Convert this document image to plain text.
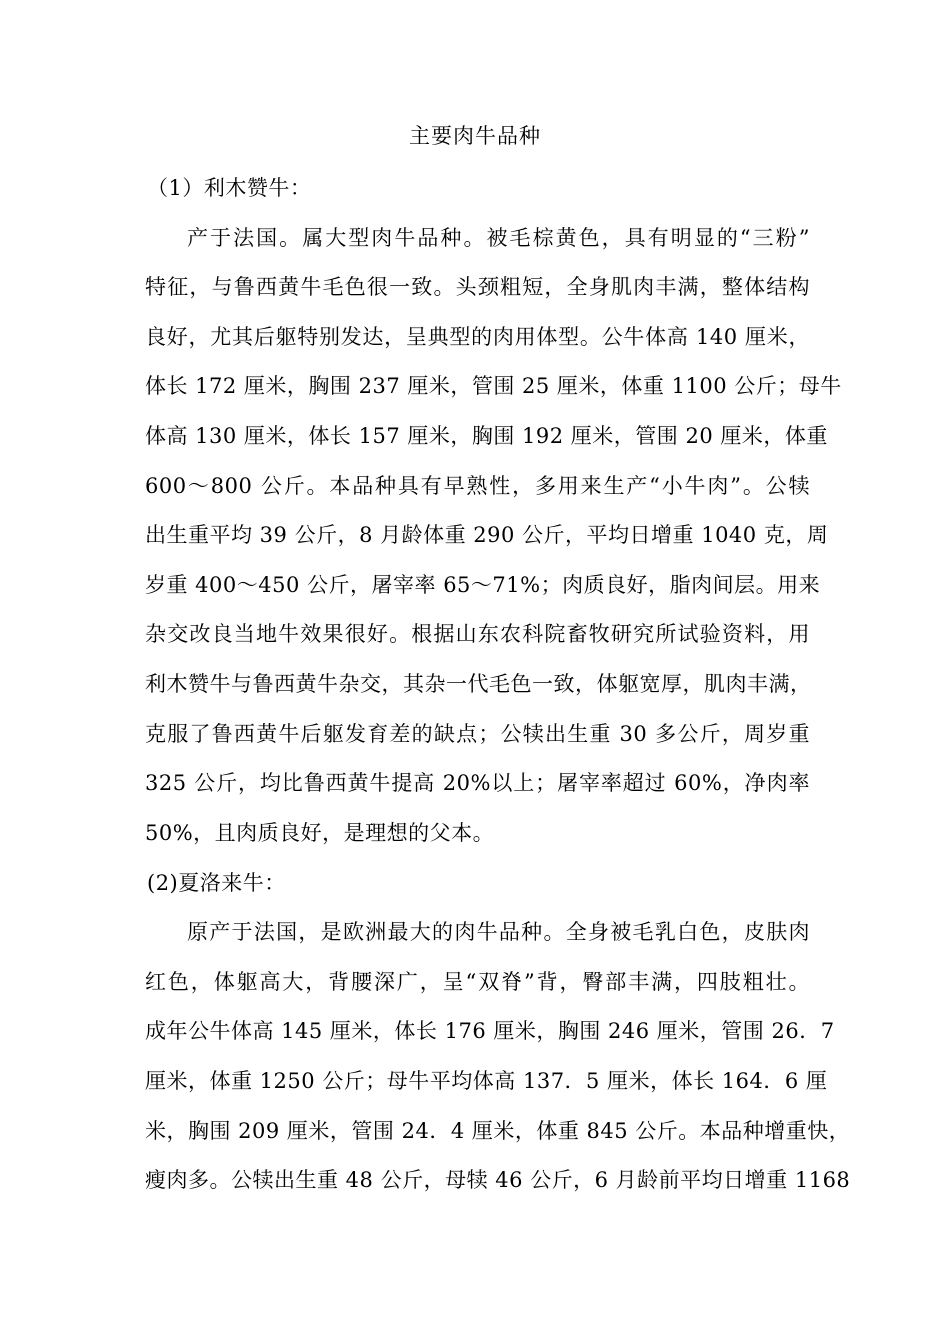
主要肉牛品种
（1）利木赞牛：
产于法国。属大型肉牛品种。被毛棕黄色，具有明显的“三粉”
特征，与鲁西黄牛毛色很一致。头颈粗短，全身肌肉丰满，整体结构
良好，尤其后躯特别发达，呈典型的肉用体型。公牛体高 140 厘米，
体长 172 厘米，胸围 237 厘米，管围 25 厘米，体重 1100 公斤；母牛
体高 130 厘米，体长 157 厘米，胸围 192 厘米，管围 20 厘米，体重
600～800 公斤。本品种具有早熟性，多用来生产“小牛肉”。公犊
出生重平均 39 公斤，8 月龄体重 290 公斤，平均日增重 1040 克，周
岁重 400～450 公斤，屠宰率 65～71%；肉质良好，脂肉间层。用来
杂交改良当地牛效果很好。根据山东农科院畜牧研究所试验资料，用
利木赞牛与鲁西黄牛杂交，其杂一代毛色一致，体躯宽厚，肌肉丰满，
克服了鲁西黄牛后躯发育差的缺点；公犊出生重 30 多公斤，周岁重
325 公斤，均比鲁西黄牛提高 20%以上；屠宰率超过 60%，净肉率
50%，且肉质良好，是理想的父本。
(2)夏洛来牛：
原产于法国，是欧洲最大的肉牛品种。全身被毛乳白色，皮肤肉
红色，体躯高大，背腰深广，呈“双脊”背，臀部丰满，四肢粗壮。
成年公牛体高 145 厘米，体长 176 厘米，胸围 246 厘米，管围 26．7
厘米，体重 1250 公斤；母牛平均体高 137．5 厘米，体长 164．6 厘
米，胸围 209 厘米，管围 24．4 厘米，体重 845 公斤。本品种增重快，
瘦肉多。公犊出生重 48 公斤，母犊 46 公斤，6 月龄前平均日增重 1168
